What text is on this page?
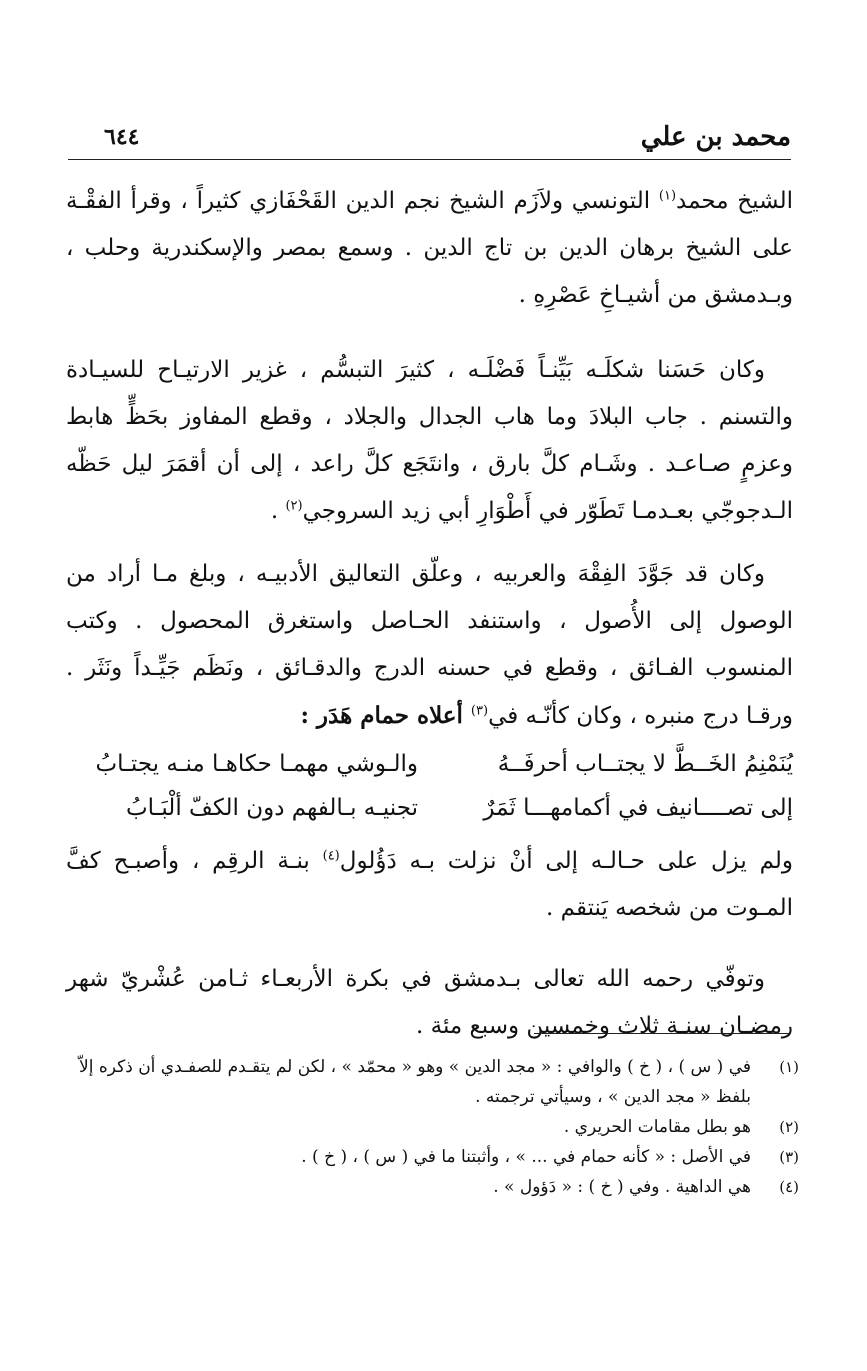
محمد بن علي
٦٤٤

الشيخ محمد$^{(١)}$ التونسي ولاَزَم الشيخ نجم الدين القَحْفَازي كثيراً ، وقرأ الفقْـة على الشيخ برهان الدين بن تاج الدين . وسمع بمصر والإسكندرية وحلب ، وبـدمشق من أشيـاخِ عَصْرِهِ .

وكان حَسَنا شكلَـه بَيِّنـاً فَضْلَـه ، كثيرَ التبسُّم ، غزير الارتيـاح للسيـادة والتسنم . جاب البلادَ وما هاب الجدال والجلاد ، وقطع المفاوز بحَظٍّ هابط وعزمٍ صـاعـد . وشَـام كلَّ بارق ، وانتَجَع كلَّ راعد ، إلى أن أقمَرَ ليل حَظّه الـدجوجّي بعـدمـا تَطَوّر في أَطْوَارِ أبي زيد السروجي$^{(٢)}$ .

وكان قد جَوَّدَ الفِقْهَ والعربيه ، وعلّق التعاليق الأدبيـه ، وبلغ مـا أراد من الوصول إلى الأُصول ، واستنفد الحـاصل واستغرق المحصول . وكتب المنسوب الفـائق ، وقطع في حسنه الدرج والدقـائق ، ونَظَم جَيِّـداً ونَثَر . ورقـا درج منبره ، وكان كأنّـه في$^{(٣)}$ أعلاه حمام هَدَر :

يُنَمْنِمُ الخَــطَّ لا يجتــاب أحرفَــهُ
والـوشي مهمـا حكاهـا منـه يجتـابُ
إلى تصــــانيف في أكمامهـــا ثَمَرٌ
تجنيـه بـالفهم دون الكفّ ألْبَـابُ

ولم يزل على حـالـه إلى أنْ نزلت بـه دَؤُلول$^{(٤)}$ بنـة الرقِم ، وأصبـح كفَّ المـوت من شخصه يَنتقم .

وتوفّي رحمه الله تعالى بـدمشق في بكرة الأربعـاء ثـامن عُشْريّ شهر رمضـان سنـة ثلاث وخمسين وسبع مئة .

(١)
في ( س ) ، ( خ ) والوافي : « مجد الدين » وهو « محمّد » ، لكن لم يتقـدم للصفـدي أن ذكره إلاّ بلفظ « مجد الدين » ، وسيأتي ترجمته .
(٢)
هو بطل مقامات الحريري .
(٣)
في الأصل : « كأنه حمام في ... » ، وأثبتنا ما في ( س ) ، ( خ ) .
(٤)
هي الداهية . وفي ( خ ) : « دَؤول » .
